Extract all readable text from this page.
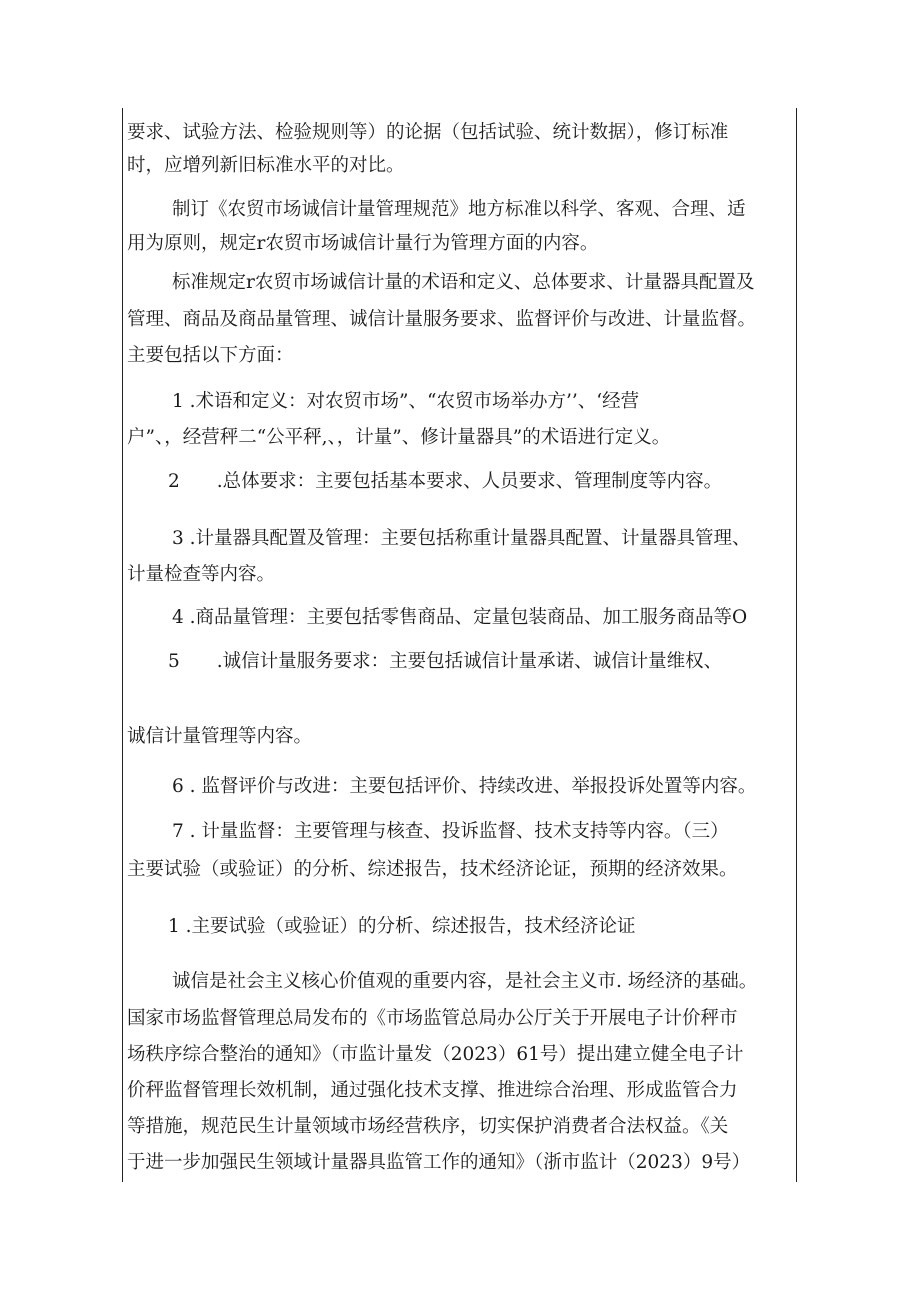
要求、试验方法、检验规则等）的论据（包括试验、统计数据），修订标准
时，应增列新旧标准水平的对比。
制订《农贸市场诚信计量管理规范》地方标准以科学、客观、合理、适
用为原则，规定r农贸市场诚信计量行为管理方面的内容。
标准规定r农贸市场诚信计量的术语和定义、总体要求、计量器具配置及
管理、商品及商品量管理、诚信计量服务要求、监督评价与改进、计量监督。
主要包括以下方面：
1 .术语和定义：对农贸市场”、“农贸市场举办方’’、‘经营
户”、，经营秤二“公平秤,、，计量”、修计量器具”的术语进行定义。
2　　.总体要求：主要包括基本要求、人员要求、管理制度等内容。
3 .计量器具配置及管理：主要包括称重计量器具配置、计量器具管理、
计量检查等内容。
4 .商品量管理：主要包括零售商品、定量包装商品、加工服务商品等O
5　　.诚信计量服务要求：主要包括诚信计量承诺、诚信计量维权、
诚信计量管理等内容。
6 . 监督评价与改进：主要包括评价、持续改进、举报投诉处置等内容。
7 . 计量监督：主要管理与核查、投诉监督、技术支持等内容。（三）
主要试验（或验证）的分析、综述报告，技术经济论证，预期的经济效果。
1 .主要试验（或验证）的分析、综述报告，技术经济论证
诚信是社会主义核心价值观的重要内容，是社会主义市. 场经济的基础。
国家市场监督管理总局发布的《市场监管总局办公厅关于开展电子计价秤市
场秩序综合整治的通知》（市监计量发（2023）61号）提出建立健全电子计
价秤监督管理长效机制，通过强化技术支撑、推进综合治理、形成监管合力
等措施，规范民生计量领域市场经营秩序，切实保护消费者合法权益。《关
于进一步加强民生领域计量器具监管工作的通知》（浙市监计（2023）9号）
